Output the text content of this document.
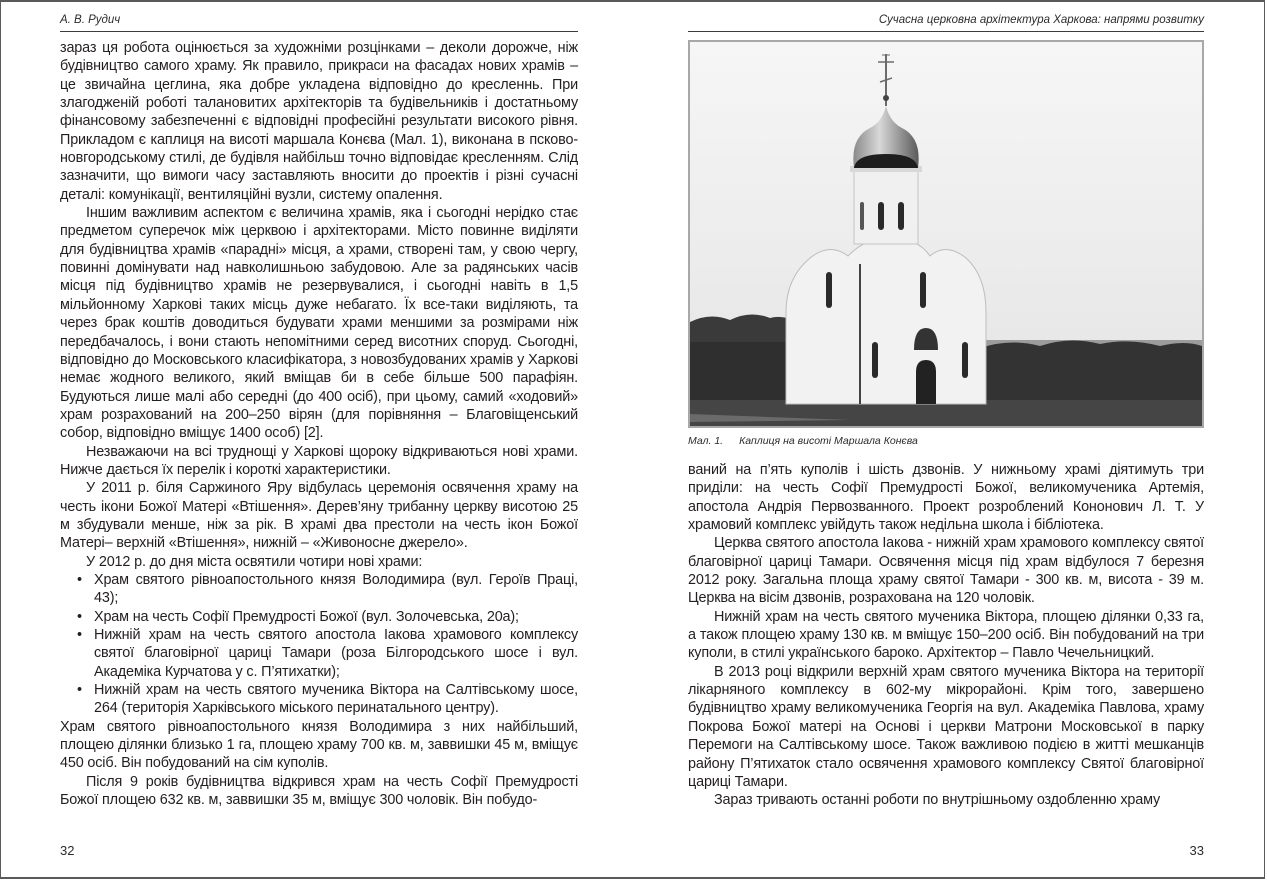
А. В. Рудич

зараз ця робота оцінюється за художніми розцінками – деколи дорожче, ніж будівництво самого храму. Як правило, прикраси на фасадах нових храмів – це звичайна цеглина, яка добре укладена відповідно до кресленнь. При злагодженій роботі талановитих архітекторів та будівельників і достатньому фінансовому забезпеченні є відповідні професійні результати високого рівня. Прикладом є каплиця на висоті маршала Конєва (Мал. 1), виконана в псково-новгородському стилі, де будівля найбільш точно відповідає кресленням. Слід зазначити, що вимоги часу заставляють вносити до проектів і різні сучасні деталі: комунікації, вентиляційні вузли, систему опалення.

Іншим важливим аспектом є величина храмів, яка і сьогодні нерідко стає предметом суперечок між церквою і архітекторами. Місто повинне виділяти для будівництва храмів «парадні» місця, а храми, створені там, у свою чергу, повинні домінувати над навколишньою забудовою. Але за радянських часів місця під будівництво храмів не резервувалися, і сьогодні навіть в 1,5 мільйонному Харкові таких місць дуже небагато. Їх все-таки виділяють, та через брак коштів доводиться будувати храми меншими за розмірами ніж передбачалось, і вони стають непомітними серед висотних споруд. Сьогодні, відповідно до Московського класифікатора, з новозбудованих храмів у Харкові немає жодного великого, який вміщав би в себе більше 500 парафіян. Будуються лише малі або середні (до 400 осіб), при цьому, самий «ходовий» храм розрахований на 200–250 вірян (для порівняння – Благовіщенський собор, відповідно вміщує 1400 особ) [2].

Незважаючи на всі труднощі у Харкові щороку відкриваються нові храми. Нижче дається їх перелік і короткі характеристики.

У 2011 р. біля Саржиного Яру відбулась церемонія освячення храму на честь ікони Божої Матері «Втішення». Дерев’яну трибанну церкву висотою 25 м збудували менше, ніж за рік. В храмі два престоли на честь ікон Божої Матері– верхній «Втішення», нижній – «Живоносне джерело».

У 2012 р. до дня міста освятили чотири нові храми:

• Храм святого рівноапостольного князя Володимира (вул. Героїв Праці, 43);
• Храм на честь Софії Премудрості Божої (вул. Золочевська, 20а);
• Нижній храм на честь святого апостола Іакова храмового комплексу святої благовірної цариці Тамари (роза Білгородського шосе і вул. Академіка Курчатова у с. П’ятихатки);
• Нижній храм на честь святого мученика Віктора на Салтівському шосе, 264 (територія Харківського міського перинатального центру).

Храм святого рівноапостольного князя Володимира з них найбільший, площею ділянки близько 1 га, площею храму 700 кв. м, заввишки 45 м, вміщує 450 осіб. Він побудований на сім куполів.

Після 9 років будівництва відкрився храм на честь Софії Премудрості Божої площею 632 кв. м, заввишки 35 м, вміщує 300 чоловік. Він побудо-

32
Сучасна церковна архітектура Харкова: напрями розвитку
Мал. 1. Каплиця на висоті Маршала Конєва

ваний на п’ять куполів і шість дзвонів. У нижньому храмі діятимуть три приділи: на честь Софії Премудрості Божої, великомученика Артемія, апостола Андрія Первозванного. Проект розроблений Кононович Л. Т. У храмовий комплекс увійдуть також недільна школа і бібліотека.

Церква святого апостола Іакова - нижній храм храмового комплексу святої благовірної цариці Тамари. Освячення місця під храм відбулося 7 березня 2012 року. Загальна площа храму святої Тамари - 300 кв. м, висота - 39 м. Церква на вісім дзвонів, розрахована на 120 чоловік.

Нижній храм на честь святого мученика Віктора, площею ділянки 0,33 га, а також площею храму 130 кв. м вміщує 150–200 осіб. Він побудований на три куполи, в стилі українського бароко. Архітектор – Павло Чечельницкий.

В 2013 році відкрили верхній храм святого мученика Віктора на території лікарняного комплексу в 602-му мікрорайоні. Крім того, завершено будівництво храму великомученика Георгія на вул. Академіка Павлова, храму Покрова Божої матері на Основі і церкви Матрони Московської в парку Перемоги на Салтівському шосе. Також важливою подією в житті мешканців району П’ятихаток стало освячення храмового комплексу Святої благовірної цариці Тамари.

Зараз тривають останні роботи по внутрішньому оздобленню храму

33
